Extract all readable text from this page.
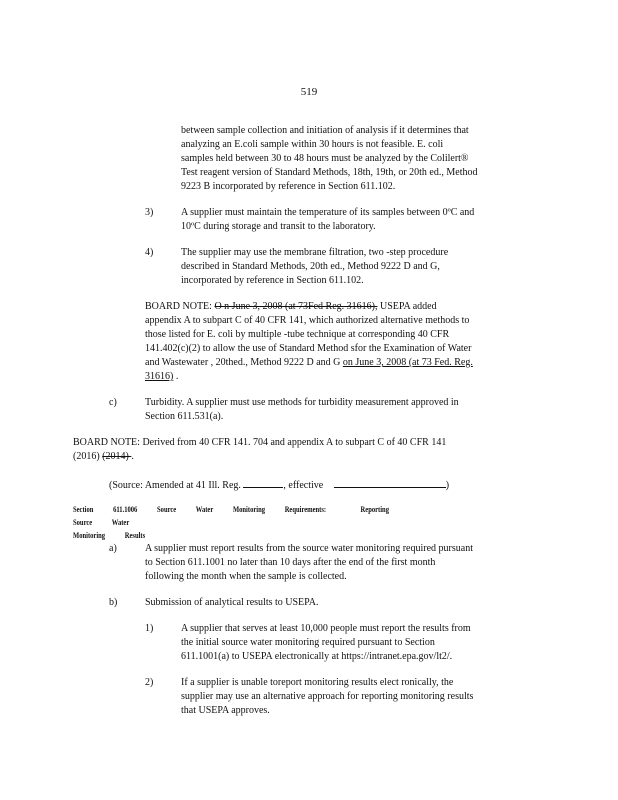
519

between sample collection and initiation of analysis if it determines that

analyzing an E.coli sample within 30 hours is not feasible. E. coli

samples held between 30 to 48 hours must be analyzed by the Colilert®

Test reagent version of Standard Methods, 18th, 19th, or 20th ed., Method

9223 B incorporated by reference in Section 611.102.

3)	A supplier must maintain the temperature of its samples between 0ºC and

10ºC during storage and transit to the laboratory.

4)	The supplier may use the membrane filtration, two -step procedure

described in Standard Methods, 20th ed., Method 9222 D and G,

incorporated by reference in Section 611.102.

BOARD NOTE: O n June 3, 2008 (at 73Fed Reg. 31616), USEPA added

appendix A to subpart C of 40 CFR 141, which authorized alternative methods to

those listed for E. coli by multiple -tube technique at corresponding 40 CFR

141.402(c)(2) to allow the use of Standard Method sfor the Examination of Water

and Wastewater , 20thed., Method 9222 D and G on June 3, 2008 (at 73 Fed. Reg.

31616) .

c)	Turbidity. A supplier must use methods for turbidity measurement approved in

Section 611.531(a).

BOARD NOTE: Derived from 40 CFR 141. 704 and appendix A to subpart C of 40 CFR 141

(2016) (2014) .

(Source: Amended at 41 Ill. Reg.	, effective	)
Section 611.1006 Source Water Monitoring Requirements:	Reporting Source Water
Monitoring Results
a)	A supplier must report results from the source water monitoring required pursuant

to Section 611.1001 no later than 10 days after the end of the first month

following the month when the sample is collected.

b)	Submission of analytical results to USEPA.
1)	A supplier that serves at least 10,000 people must report the results from

the initial source water monitoring required pursuant to Section

611.1001(a) to USEPA electronically at https://intranet.epa.gov/lt2/.

2)	If a supplier is unable toreport monitoring results elect ronically, the

supplier may use an alternative approach for reporting monitoring results

that USEPA approves.
